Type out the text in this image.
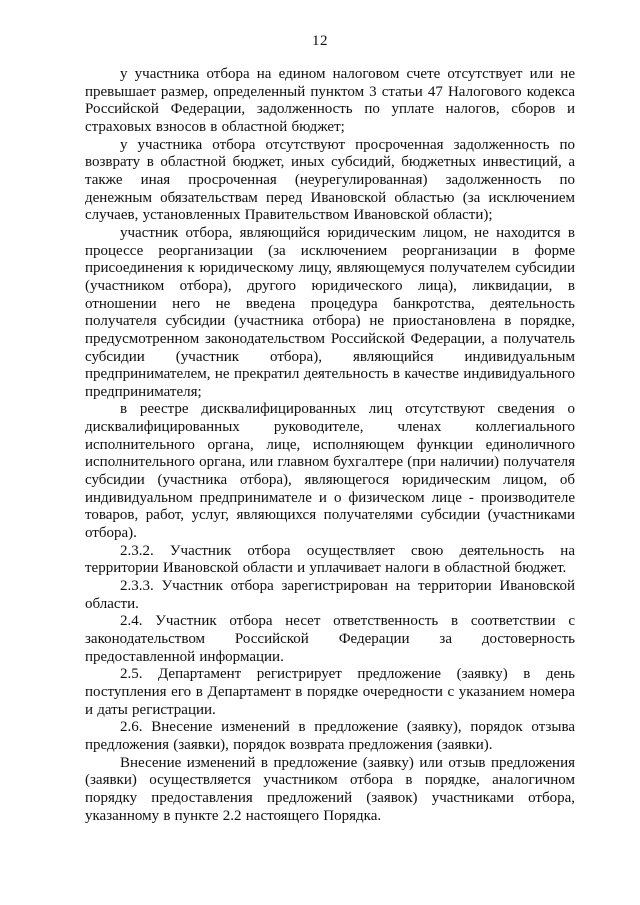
12

у участника отбора на едином налоговом счете отсутствует или не превышает размер, определенный пунктом 3 статьи 47 Налогового кодекса Российской Федерации, задолженность по уплате налогов, сборов и страховых взносов в областной бюджет;

у участника отбора отсутствуют просроченная задолженность по возврату в областной бюджет, иных субсидий, бюджетных инвестиций, а также иная просроченная (неурегулированная) задолженность по денежным обязательствам перед Ивановской областью (за исключением случаев, установленных Правительством Ивановской области);

участник отбора, являющийся юридическим лицом, не находится в процессе реорганизации (за исключением реорганизации в форме присоединения к юридическому лицу, являющемуся получателем субсидии (участником отбора), другого юридического лица), ликвидации, в отношении него не введена процедура банкротства, деятельность получателя субсидии (участника отбора) не приостановлена в порядке, предусмотренном законодательством Российской Федерации, а получатель субсидии (участник отбора), являющийся индивидуальным предпринимателем, не прекратил деятельность в качестве индивидуального предпринимателя;

в реестре дисквалифицированных лиц отсутствуют сведения о дисквалифицированных руководителе, членах коллегиального исполнительного органа, лице, исполняющем функции единоличного исполнительного органа, или главном бухгалтере (при наличии) получателя субсидии (участника отбора), являющегося юридическим лицом, об индивидуальном предпринимателе и о физическом лице - производителе товаров, работ, услуг, являющихся получателями субсидии (участниками отбора).

2.3.2. Участник отбора осуществляет свою деятельность на территории Ивановской области и уплачивает налоги в областной бюджет.

2.3.3. Участник отбора зарегистрирован на территории Ивановской области.

2.4. Участник отбора несет ответственность в соответствии с законодательством Российской Федерации за достоверность предоставленной информации.

2.5. Департамент регистрирует предложение (заявку) в день поступления его в Департамент в порядке очередности с указанием номера и даты регистрации.

2.6. Внесение изменений в предложение (заявку), порядок отзыва предложения (заявки), порядок возврата предложения (заявки).

Внесение изменений в предложение (заявку) или отзыв предложения (заявки) осуществляется участником отбора в порядке, аналогичном порядку предоставления предложений (заявок) участниками отбора, указанному в пункте 2.2 настоящего Порядка.
